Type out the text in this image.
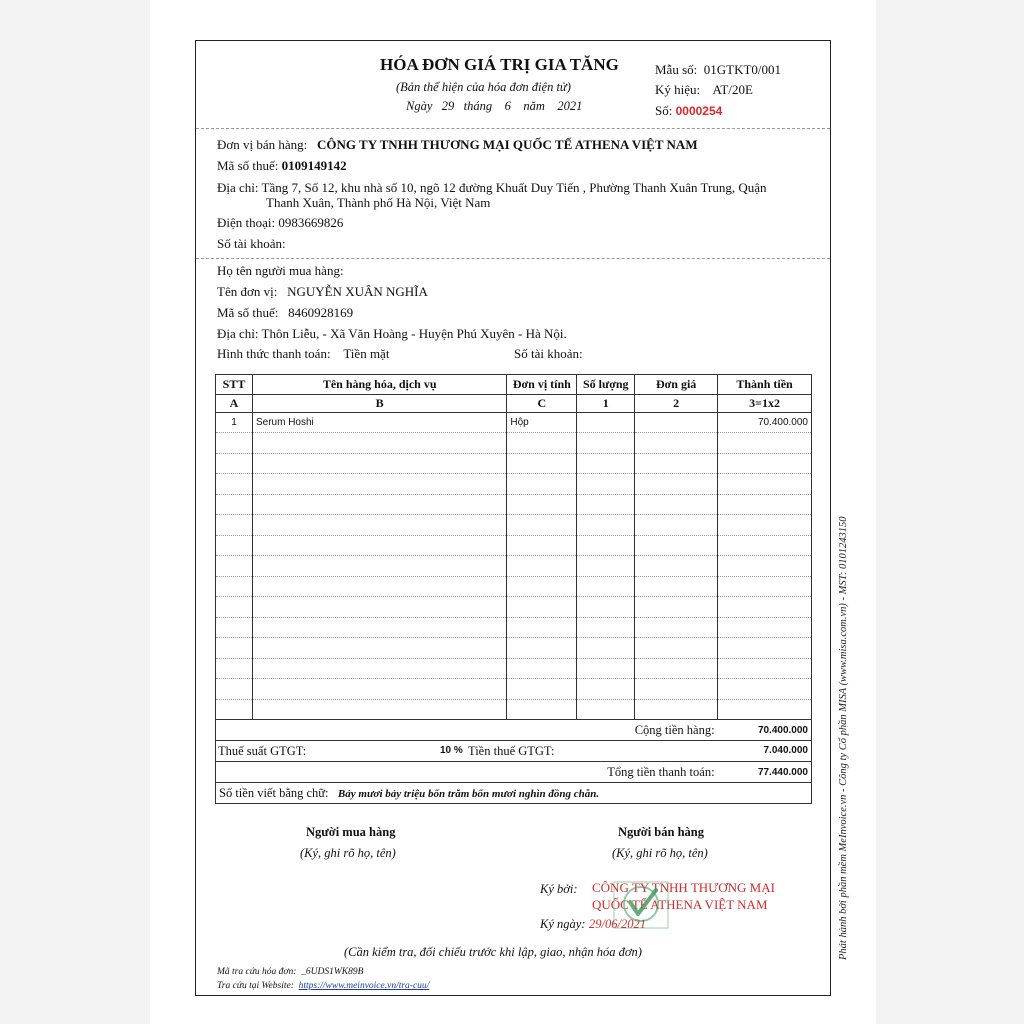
HÓA ĐƠN GIÁ TRỊ GIA TĂNG
(Bản thể hiện của hóa đơn điện tử)
Ngày 29 tháng 6 năm 2021
Mẫu số: 01GTKT0/001
Ký hiệu: AT/20E
Số: 0000254
Đơn vị bán hàng: CÔNG TY TNHH THƯƠNG MẠI QUỐC TẾ ATHENA VIỆT NAM
Mã số thuế: 0109149142
Địa chỉ: Tầng 7, Số 12, khu nhà số 10, ngõ 12 đường Khuất Duy Tiến , Phường Thanh Xuân Trung, Quận
Thanh Xuân, Thành phố Hà Nội, Việt Nam
Điện thoại: 0983669826
Số tài khoản:
Họ tên người mua hàng:
Tên đơn vị: NGUYỄN XUÂN NGHĨA
Mã số thuế: 8460928169
Địa chỉ: Thôn Liễu, - Xã Văn Hoàng - Huyện Phú Xuyên - Hà Nội.
Hình thức thanh toán: Tiền mặt	Số tài khoản:
STT	Tên hàng hóa, dịch vụ	Đơn vị tính	Số lượng	Đơn giá	Thành tiền
A	B	C	1	2	3=1x2
1	Serum Hoshi	Hộp			70.400.000

Cộng tiền hàng:					70.400.000

Thuế suất GTGT: 10 % Tiền thuế GTGT: 7.040.000					

Tổng tiền thanh toán:					77.440.000
Số tiền viết bằng chữ: Bảy mươi bảy triệu bốn trăm bốn mươi nghìn đồng chẵn.					
Người mua hàng
(Ký, ghi rõ họ, tên)
Người bán hàng
(Ký, ghi rõ họ, tên)
Ký bởi: CÔNG TY TNHH THƯƠNG MẠI
QUỐC TẾ ATHENA VIỆT NAM
Ký ngày: 29/06/2021
(Cần kiểm tra, đối chiếu trước khi lập, giao, nhận hóa đơn)
Mã tra cứu hóa đơn: _6UDS1WK89B
Tra cứu tại Website: https://www.meinvoice.vn/tra-cuu/
Phát hành bởi phần mềm MeInvoice.vn - Công ty Cổ phần MISA (www.misa.com.vn) - MST: 0101243150
